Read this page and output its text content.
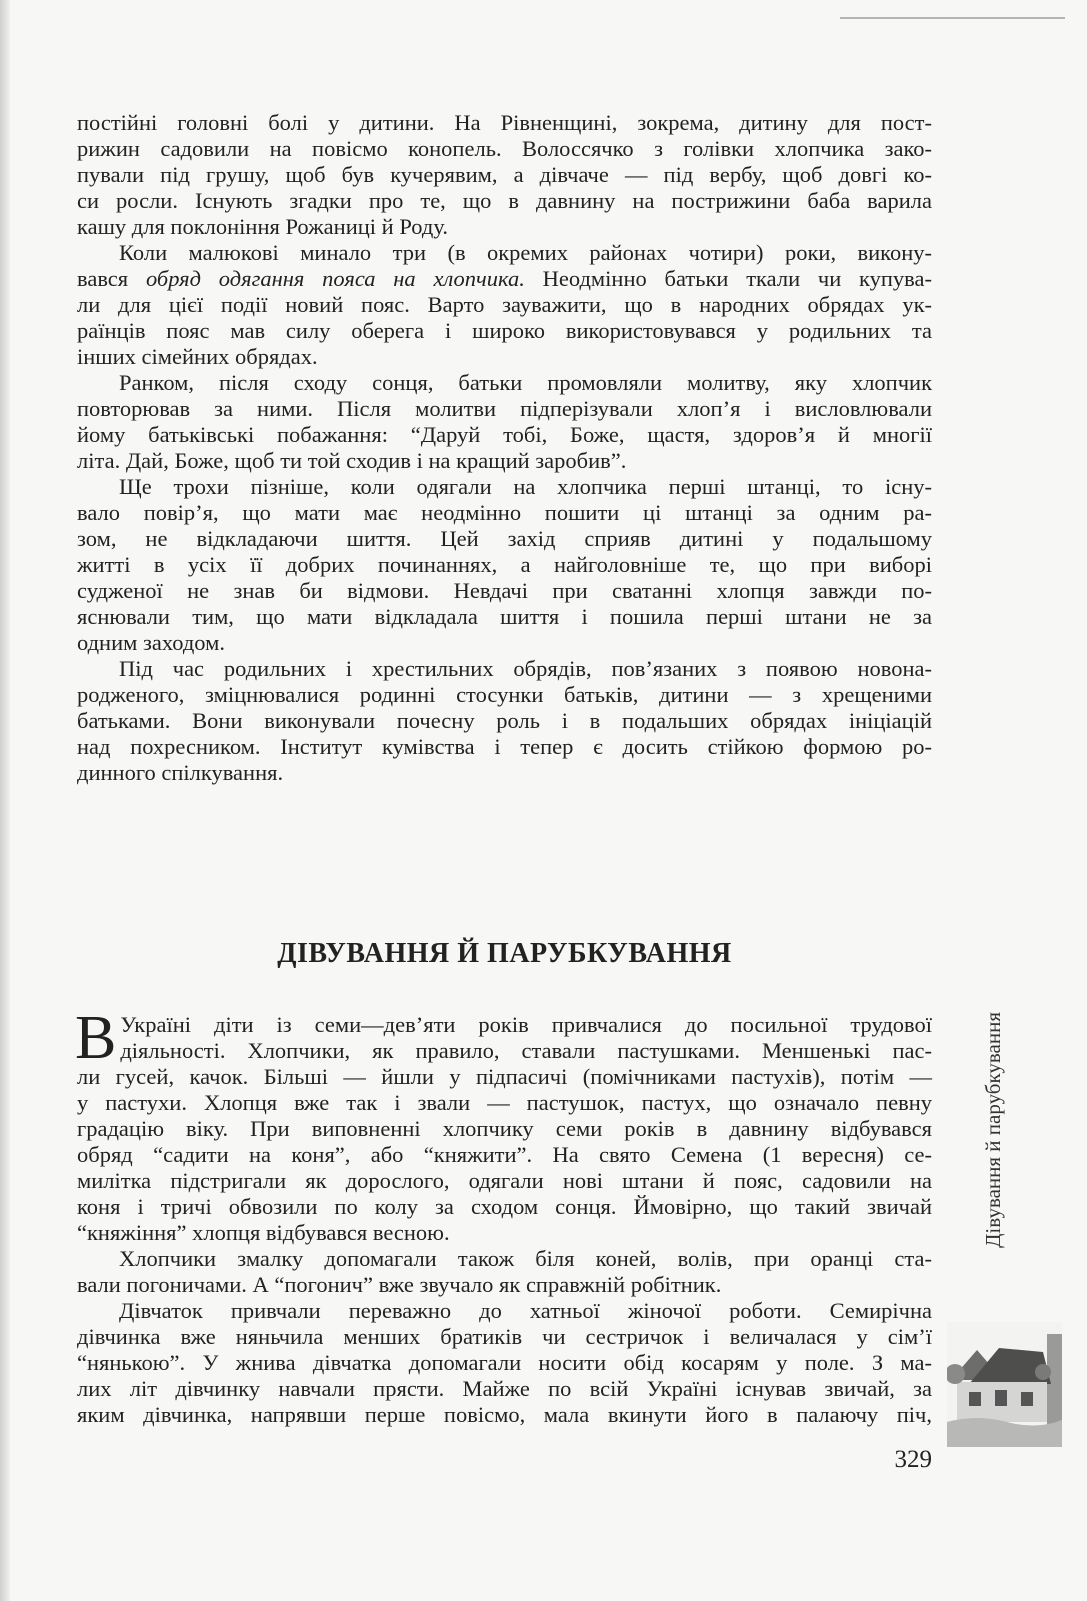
постійні головні болі у дитини. На Рівненщині, зокрема, дитину для пост-
рижин садовили на повісмо конопель. Волоссячко з голівки хлопчика зако-
пували під грушу, щоб був кучерявим, а дівчаче — під вербу, щоб довгі ко-
си росли. Існують згадки про те, що в давнину на пострижини баба варила

кашу для поклоніння Рожаниці й Роду.

Коли малюкові минало три (в окремих районах чотири) роки, викону-
вався обряд одягання пояса на хлопчика. Неодмінно батьки ткали чи купува-
ли для цієї події новий пояс. Варто зауважити, що в народних обрядах ук-
раїнців пояс мав силу оберега і широко використовувався у родильних та

інших сімейних обрядах.

Ранком, після сходу сонця, батьки промовляли молитву, яку хлопчик
повторював за ними. Після молитви підперізували хлоп’я і висловлювали
йому батьківські побажання: “Даруй тобі, Боже, щастя, здоров’я й многії

літа. Дай, Боже, щоб ти той сходив і на кращий заробив”.

Ще трохи пізніше, коли одягали на хлопчика перші штанці, то існу-
вало повір’я, що мати має неодмінно пошити ці штанці за одним ра-
зом, не відкладаючи шиття. Цей захід сприяв дитині у подальшому
житті в усіх її добрих починаннях, а найголовніше те, що при виборі
судженої не знав би відмови. Невдачі при сватанні хлопця завжди по-
яснювали тим, що мати відкладала шиття і пошила перші штани не за

одним заходом.

Під час родильних і хрестильних обрядів, пов’язаних з появою новона-
родженого, зміцнювалися родинні стосунки батьків, дитини — з хрещеними
батьками. Вони виконували почесну роль і в подальших обрядах ініціацій
над похресником. Інститут кумівства і тепер є досить стійкою формою ро-

динного спілкування.

ДІВУВАННЯ Й ПАРУБКУВАННЯ
В Україні діти із семи—дев’яти років привчалися до посильної трудової
діяльності. Хлопчики, як правило, ставали пастушками. Меншенькі пас-
ли гусей, качок. Більші — йшли у підпасичі (помічниками пастухів), потім —
у пастухи. Хлопця вже так і звали — пастушок, пастух, що означало певну
градацію віку. При виповненні хлопчику семи років в давнину відбувався
обряд “садити на коня”, або “княжити”. На свято Семена (1 вересня) се-
милітка підстригали як дорослого, одягали нові штани й пояс, садовили на
коня і тричі обвозили по колу за сходом сонця. Ймовірно, що такий звичай

“княжіння” хлопця відбувався весною.

Хлопчики змалку допомагали також біля коней, волів, при оранці ста-

вали погоничами. А “погонич” вже звучало як справжній робітник.

Дівчаток привчали переважно до хатньої жіночої роботи. Семирічна
дівчинка вже няньчила менших братиків чи сестричок і величалася у сім’ї
“нянькою”. У жнива дівчатка допомагали носити обід косарям у поле. З ма-
лих літ дівчинку навчали прясти. Майже по всій Україні існував звичай, за
яким дівчинка, напрявши перше повісмо, мала вкинути його в палаючу піч,

Дівування й парубкування
329
